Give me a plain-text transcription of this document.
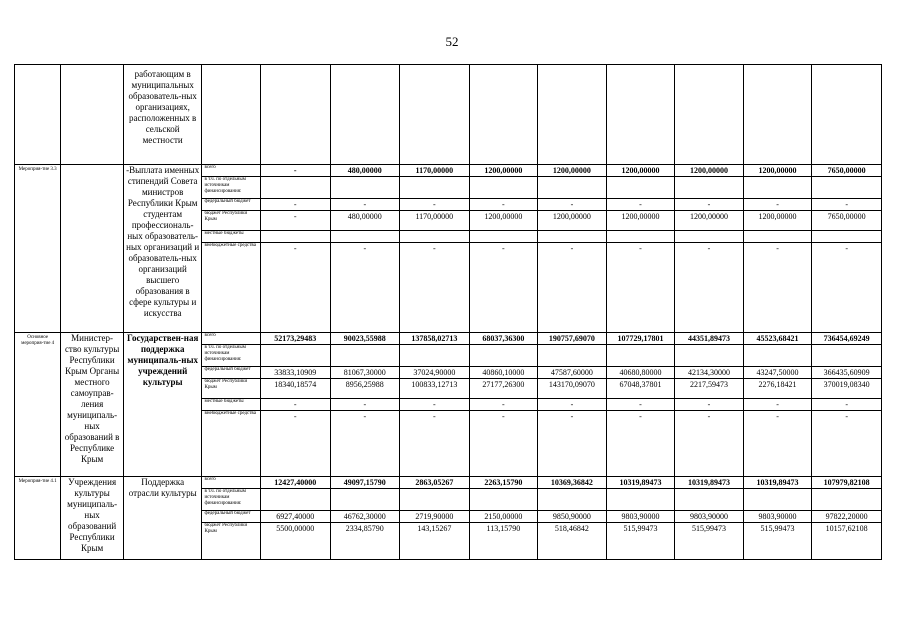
52
		работающим в муниципальных образователь-ных организациях, расположенных в сельской местности										
Мероприя-тие 3.3		-Выплата именных стипендий Совета министров Республики Крым студентам профессиональ-ных образователь-ных организаций и образователь-ных организаций высшего образования в сфере культуры и искусства	всего	-	480,00000	1170,00000	1200,00000	1200,00000	1200,00000	1200,00000	1200,00000	7650,00000
			в т.ч. по отдельным источникам финансирования:									
			федеральный бюджет	-	-	-	-	-	-	-	-	-
			бюджет Республики Крым	-	480,00000	1170,00000	1200,00000	1200,00000	1200,00000	1200,00000	1200,00000	7650,00000
			местные бюджеты									
			внебюджетные средства	-	-	-	-	-	-	-	-	-
Основное мероприя-тие 4	Министер-ство культуры Республики Крым Органы местного самоуправ-ления муниципаль-ных образований в Республике Крым	Государствен-ная поддержка муниципаль-ных учреждений культуры	всего	52173,29483	90023,55988	137858,02713	68037,36300	190757,69070	107729,17801	44351,89473	45523,68421	736454,69249
			в т.ч. по отдельным источникам финансирования:									
			федеральный бюджет	33833,10909	81067,30000	37024,90000	40860,10000	47587,60000	40680,80000	42134,30000	43247,50000	366435,60909
			бюджет Республики Крым	18340,18574	8956,25988	100833,12713	27177,26300	143170,09070	67048,37801	2217,59473	2276,18421	370019,08340
			местные бюджеты	-	-	-	-	-	-	-	-	-
			внебюджетные средства	-	-	-	-	-	-	-	-	-
Мероприя-тие 4.1	Учреждения культуры муниципаль-ных образований Республики Крым	Поддержка отрасли культуры	всего	12427,40000	49097,15790	2863,05267	2263,15790	10369,36842	10319,89473	10319,89473	10319,89473	107979,82108
			в т.ч. по отдельным источникам финансирования:									
			федеральный бюджет	6927,40000	46762,30000	2719,90000	2150,00000	9850,90000	9803,90000	9803,90000	9803,90000	97822,20000
			бюджет Республики Крым	5500,00000	2334,85790	143,15267	113,15790	518,46842	515,99473	515,99473	515,99473	10157,62108
